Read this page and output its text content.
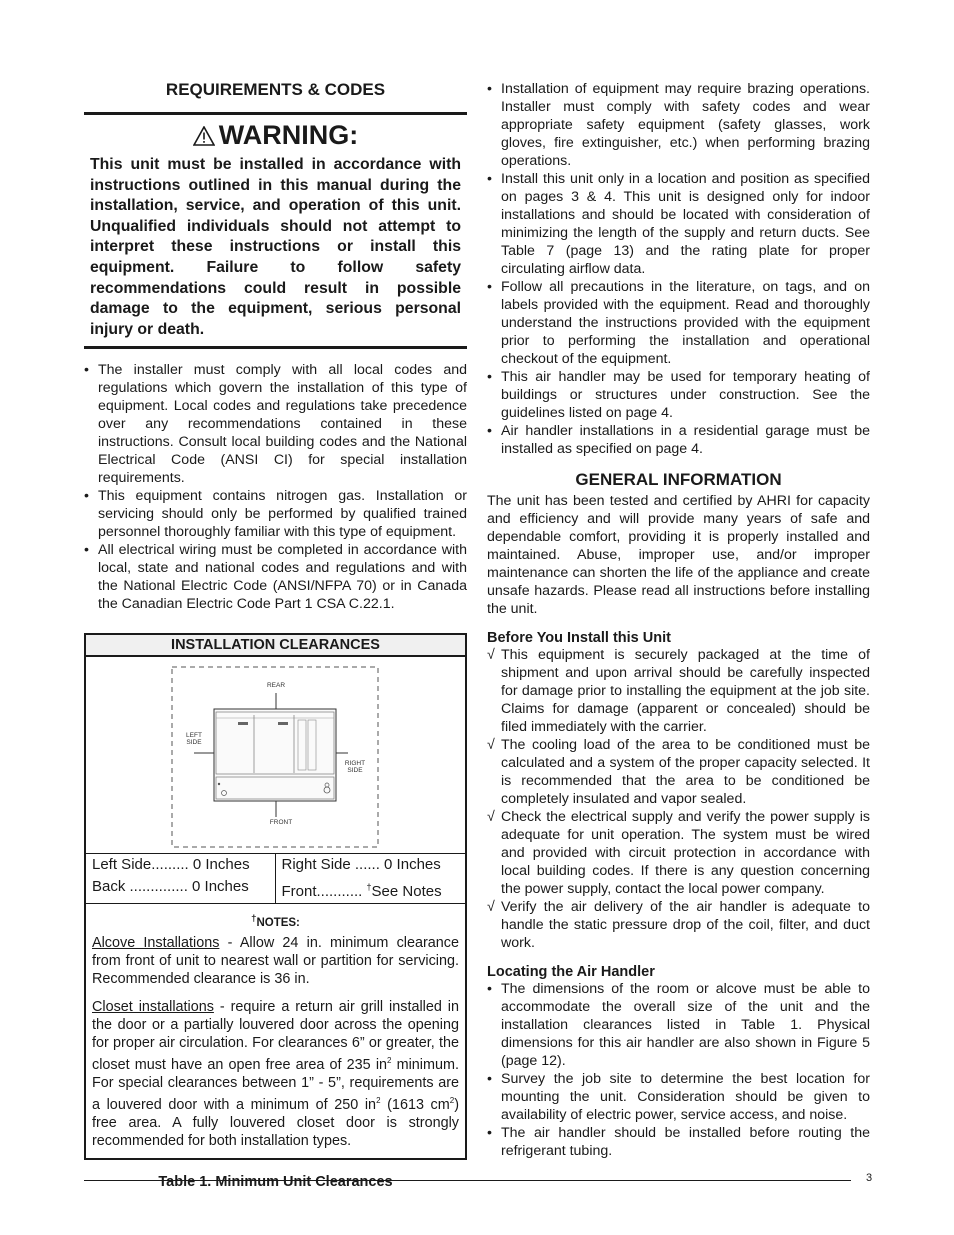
REQUIREMENTS & CODES
WARNING:

This unit must be installed in accordance with instructions outlined in this manual during the installation, service, and operation of this unit. Unqualified individuals should not attempt to interpret these instructions or install this equipment. Failure to follow safety recommendations could result in possible damage to the equipment, serious personal injury or death.

• The installer must comply with all local codes and regulations which govern the installation of this type of equipment. Local codes and regulations take precedence over any recommendations contained in these instructions. Consult local building codes and the National Electrical Code (ANSI CI) for special installation requirements.
• This equipment contains nitrogen gas. Installation or servicing should only be performed by qualified trained personnel thoroughly familiar with this type of equipment.
• All electrical wiring must be completed in accordance with local, state and national codes and regulations and with the National Electric Code (ANSI/NFPA 70) or in Canada the Canadian Electric Code Part 1 CSA C.22.1.
INSTALLATION CLEARANCES
REAR
LEFT
SIDE
RIGHT
SIDE
FRONT
Left Side......... 0 Inches	Right Side ...... 0 Inches
Back .............. 0 Inches	Front........... †See Notes
†NOTES:

Alcove Installations - Allow 24 in. minimum clearance from front of unit to nearest wall or partition for servicing. Recommended clearance is 36 in.

Closet installations - require a return air grill installed in the door or a partially louvered door across the opening for proper air circulation. For clearances 6” or greater, the closet must have an open free area of 235 $in^2$ minimum. For special clearances between 1” - 5”, requirements are a louvered door with a minimum of 250 $in^2$ (1613 $cm^2$) free area. A fully louvered closet door is strongly recommended for both installation types.

Table 1. Minimum Unit Clearances
• Installation of equipment may require brazing operations. Installer must comply with safety codes and wear appropriate safety equipment (safety glasses, work gloves, fire extinguisher, etc.) when performing brazing operations.
• Install this unit only in a location and position as specified on pages 3 & 4. This unit is designed only for indoor installations and should be located with consideration of minimizing the length of the supply and return ducts. See Table 7 (page 13) and the rating plate for proper circulating airflow data.
• Follow all precautions in the literature, on tags, and on labels provided with the equipment. Read and thoroughly understand the instructions provided with the equipment prior to performing the installation and operational checkout of the equipment.
• This air handler may be used for temporary heating of buildings or structures under construction. See the guidelines listed on page 4.
• Air handler installations in a residential garage must be installed as specified on page 4.
GENERAL INFORMATION

The unit has been tested and certified by AHRI for capacity and efficiency and will provide many years of safe and dependable comfort, providing it is properly installed and maintained. Abuse, improper use, and/or improper maintenance can shorten the life of the appliance and create unsafe hazards. Please read all instructions before installing the unit.

Before You Install this Unit
√ This equipment is securely packaged at the time of shipment and upon arrival should be carefully inspected for damage prior to installing the equipment at the job site. Claims for damage (apparent or concealed) should be filed immediately with the carrier.
√ The cooling load of the area to be conditioned must be calculated and a system of the proper capacity selected. It is recommended that the area to be conditioned be completely insulated and vapor sealed.
√ Check the electrical supply and verify the power supply is adequate for unit operation. The system must be wired and provided with circuit protection in accordance with local building codes. If there is any question concerning the power supply, contact the local power company.
√ Verify the air delivery of the air handler is adequate to handle the static pressure drop of the coil, filter, and duct work.
Locating the Air Handler
• The dimensions of the room or alcove must be able to accommodate the overall size of the unit and the installation clearances listed in Table 1. Physical dimensions for this air handler are also shown in Figure 5 (page 12).
• Survey the job site to determine the best location for mounting the unit. Consideration should be given to availability of electric power, service access, and noise.
• The air handler should be installed before routing the refrigerant tubing.
3
